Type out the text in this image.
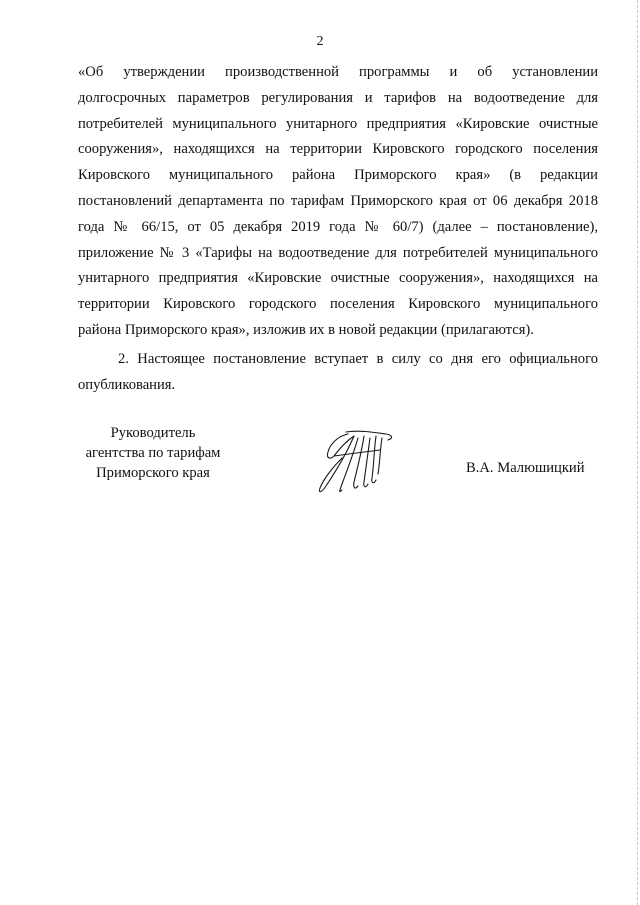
2
«Об утверждении производственной программы и об установлении
долгосрочных параметров регулирования и тарифов на водоотведение для
потребителей муниципального унитарного предприятия «Кировские очистные
сооружения», находящихся на территории Кировского городского поселения
Кировского муниципального района Приморского края» (в редакции
постановлений департамента по тарифам Приморского края от 06 декабря 2018
года № 66/15, от 05 декабря 2019 года № 60/7) (далее – постановление),
приложение № 3 «Тарифы на водоотведение для потребителей муниципального
унитарного предприятия «Кировские очистные сооружения», находящихся на
территории Кировского городского поселения Кировского муниципального
района Приморского края», изложив их в новой редакции (прилагаются).
2. Настоящее постановление вступает в силу со дня его официального
опубликования.
Руководитель
агентства по тарифам
Приморского края	В.А. Малюшицкий
